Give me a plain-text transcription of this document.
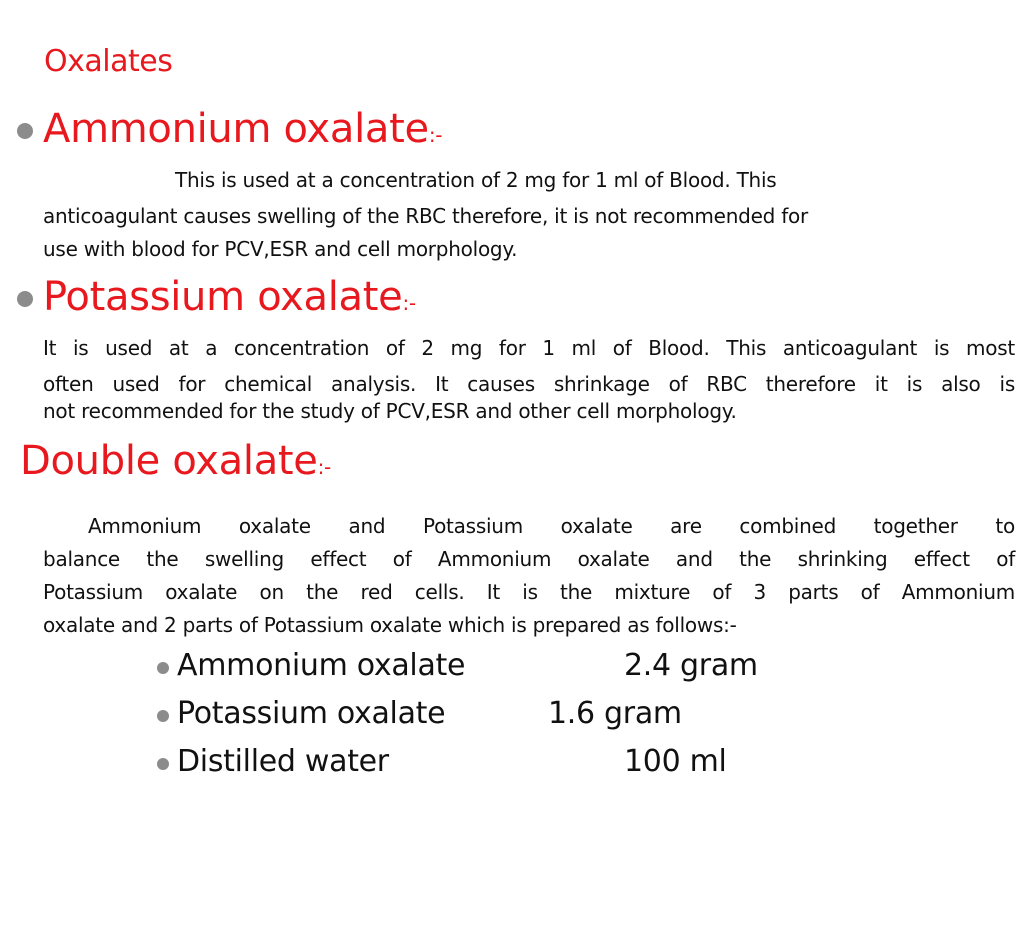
Oxalates
Ammonium oxalate:-
This is used at a concentration of 2 mg for 1 ml of Blood. This
anticoagulant causes swelling of the RBC therefore, it is not recommended for
use with blood for PCV,ESR and cell morphology.
Potassium oxalate:-
It is used at a concentration of 2 mg for 1 ml of Blood. This anticoagulant is most
often used for chemical analysis. It causes shrinkage of RBC therefore it is also is
not recommended for the study of PCV,ESR and other cell morphology.
Double oxalate:-
Ammonium oxalate and Potassium oxalate are combined together to
balance the swelling effect of Ammonium oxalate and the shrinking effect of
Potassium oxalate on the red cells. It is the mixture of 3 parts of Ammonium
oxalate and 2 parts of Potassium oxalate which is prepared as follows:-
Ammonium oxalate	2.4 gram
Potassium oxalate	1.6 gram
Distilled water	100 ml
